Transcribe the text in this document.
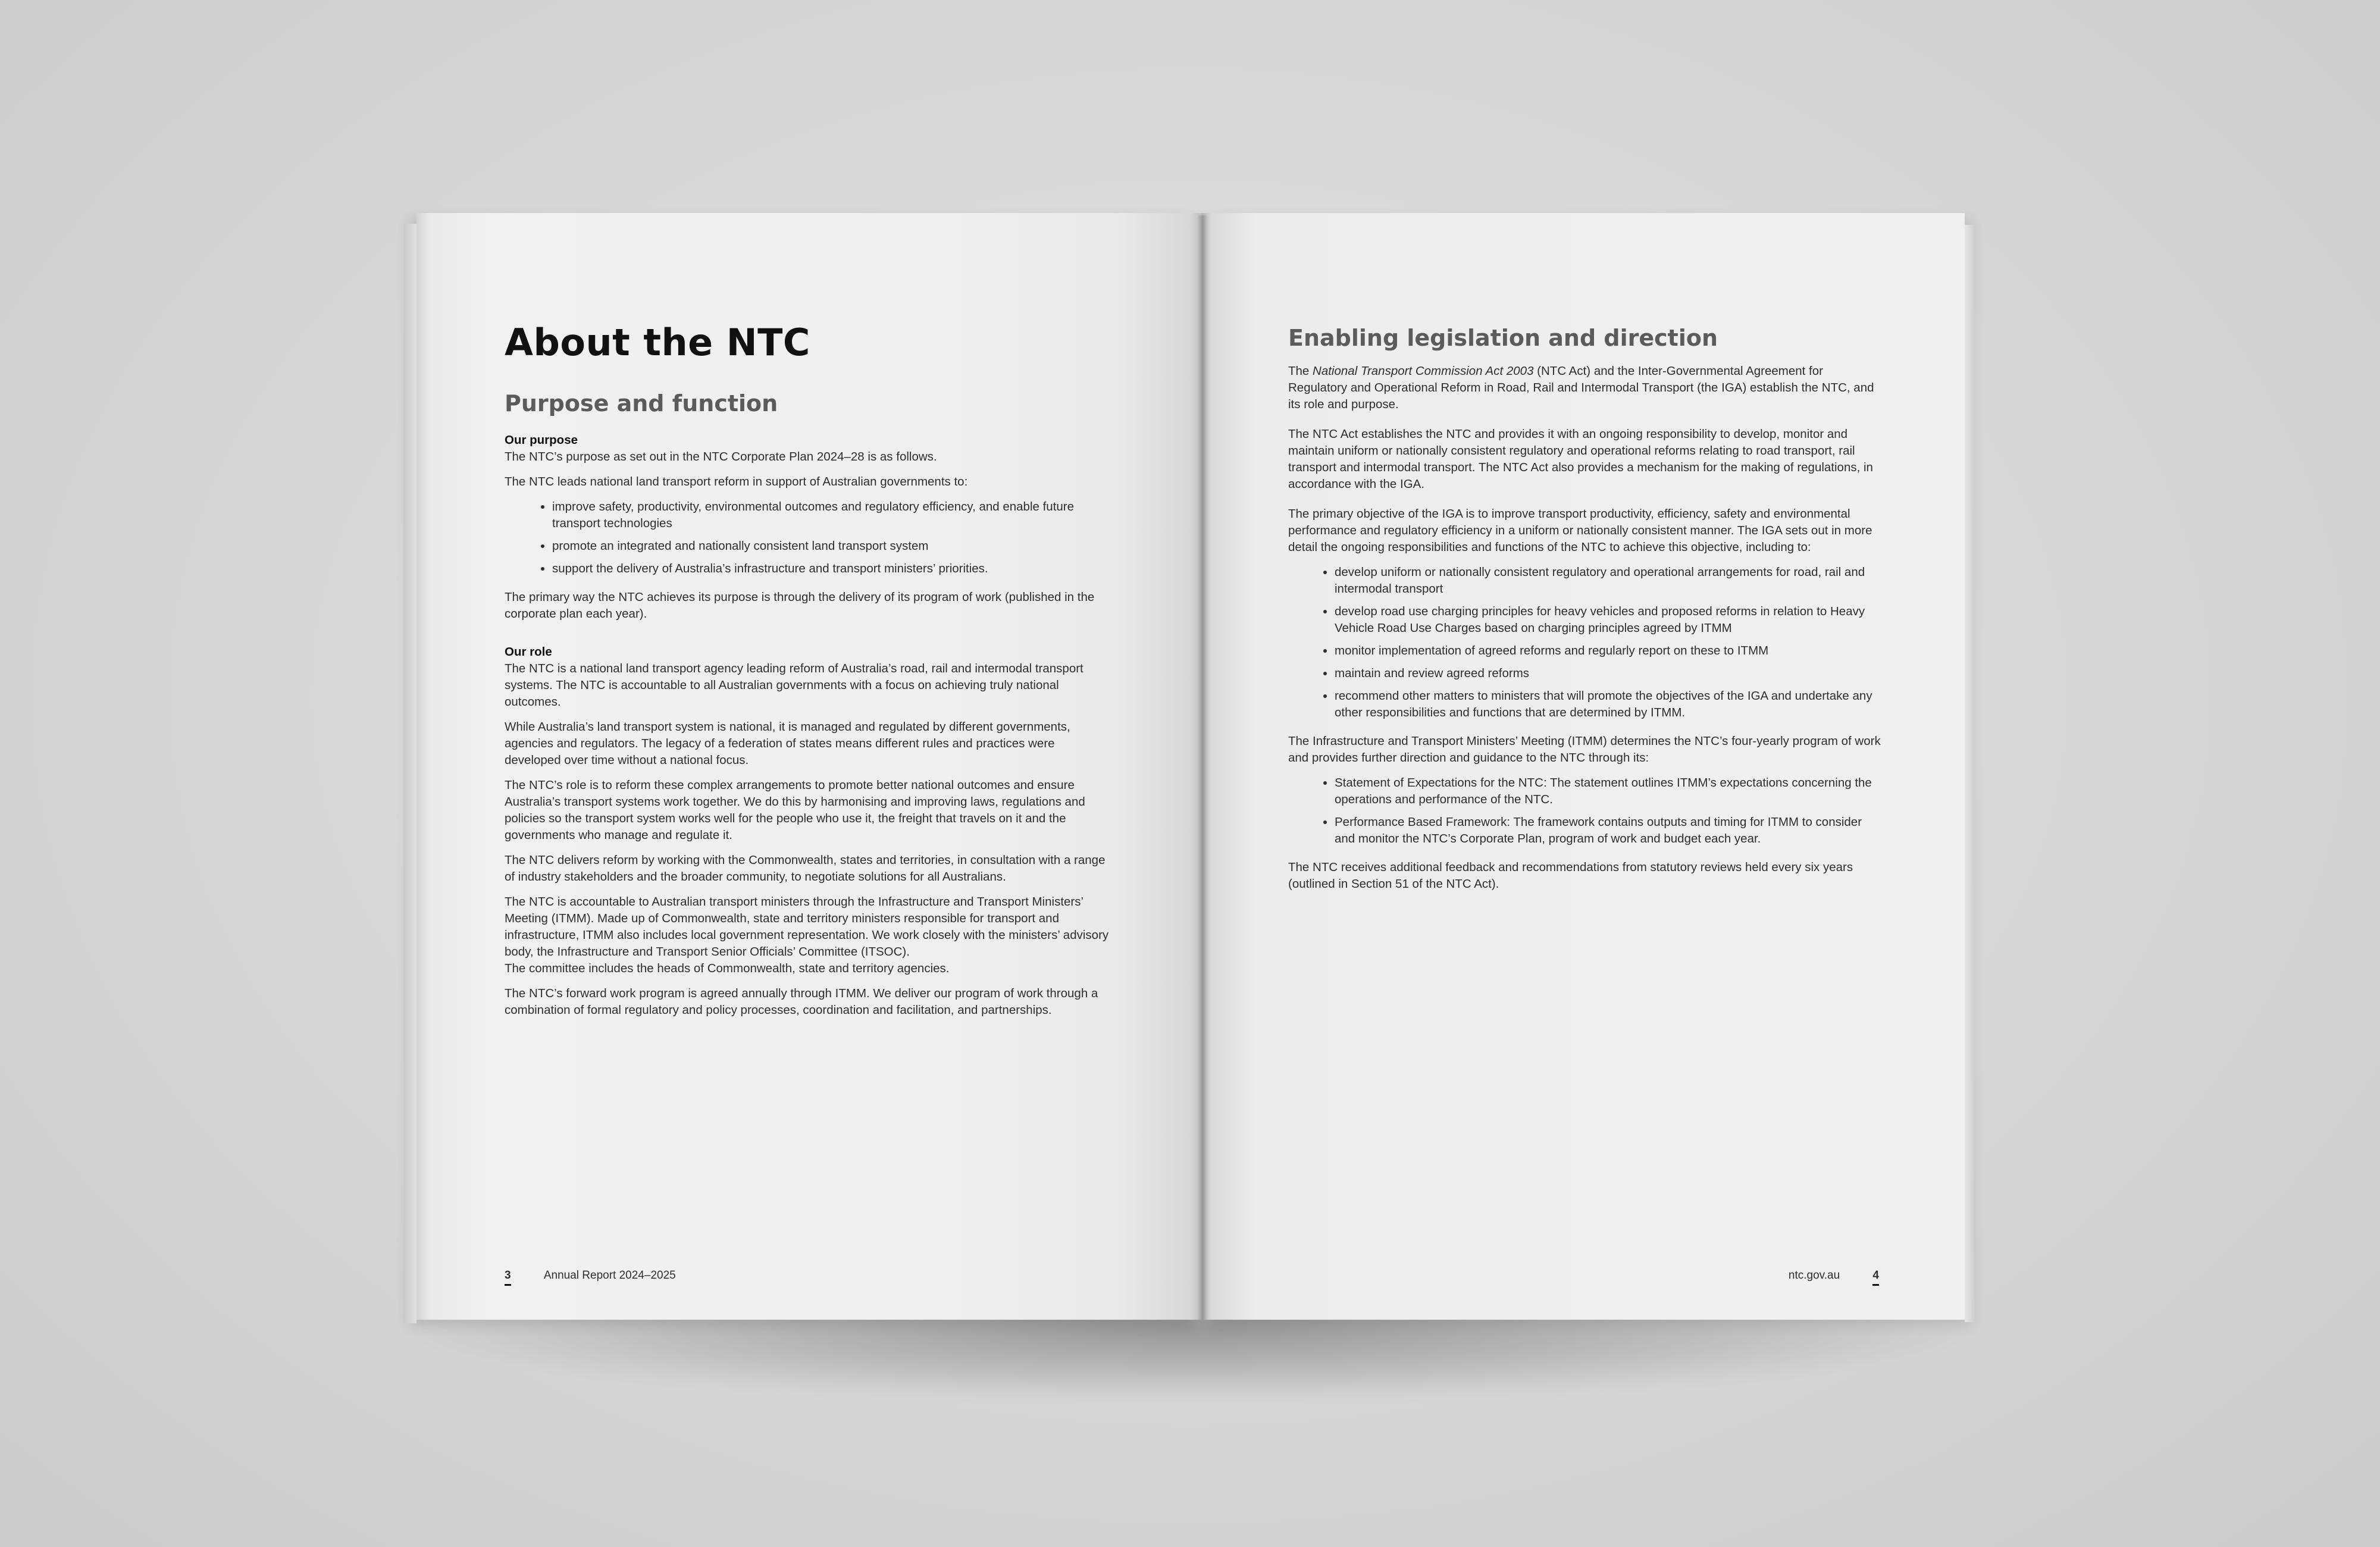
About the NTC
Purpose and function
Our purpose

The NTC’s purpose as set out in the NTC Corporate Plan 2024–28 is as follows.

The NTC leads national land transport reform in support of Australian governments to:

• improve safety, productivity, environmental outcomes and regulatory efficiency, and enable future transport technologies
• promote an integrated and nationally consistent land transport system
• support the delivery of Australia’s infrastructure and transport ministers’ priorities.

The primary way the NTC achieves its purpose is through the delivery of its program of work (published in the corporate plan each year).

Our role

The NTC is a national land transport agency leading reform of Australia’s road, rail and intermodal transport systems. The NTC is accountable to all Australian governments with a focus on achieving truly national outcomes.

While Australia’s land transport system is national, it is managed and regulated by different governments, agencies and regulators. The legacy of a federation of states means different rules and practices were developed over time without a national focus.

The NTC’s role is to reform these complex arrangements to promote better national outcomes and ensure Australia’s transport systems work together. We do this by harmonising and improving laws, regulations and policies so the transport system works well for the people who use it, the freight that travels on it and the governments who manage and regulate it.

The NTC delivers reform by working with the Commonwealth, states and territories, in consultation with a range of industry stakeholders and the broader community, to negotiate solutions for all Australians.

The NTC is accountable to Australian transport ministers through the Infrastructure and Transport Ministers’ Meeting (ITMM). Made up of Commonwealth, state and territory ministers responsible for transport and infrastructure, ITMM also includes local government representation. We work closely with the ministers’ advisory body, the Infrastructure and Transport Senior Officials’ Committee (ITSOC).

The committee includes the heads of Commonwealth, state and territory agencies.

The NTC’s forward work program is agreed annually through ITMM. We deliver our program of work through a combination of formal regulatory and policy processes, coordination and facilitation, and partnerships.

3	Annual Report 2024–2025
Enabling legislation and direction

The National Transport Commission Act 2003 (NTC Act) and the Inter-Governmental Agreement for Regulatory and Operational Reform in Road, Rail and Intermodal Transport (the IGA) establish the NTC, and its role and purpose.

The NTC Act establishes the NTC and provides it with an ongoing responsibility to develop, monitor and maintain uniform or nationally consistent regulatory and operational reforms relating to road transport, rail transport and intermodal transport. The NTC Act also provides a mechanism for the making of regulations, in accordance with the IGA.

The primary objective of the IGA is to improve transport productivity, efficiency, safety and environmental performance and regulatory efficiency in a uniform or nationally consistent manner. The IGA sets out in more detail the ongoing responsibilities and functions of the NTC to achieve this objective, including to:

• develop uniform or nationally consistent regulatory and operational arrangements for road, rail and intermodal transport
• develop road use charging principles for heavy vehicles and proposed reforms in relation to Heavy Vehicle Road Use Charges based on charging principles agreed by ITMM
• monitor implementation of agreed reforms and regularly report on these to ITMM
• maintain and review agreed reforms
• recommend other matters to ministers that will promote the objectives of the IGA and undertake any other responsibilities and functions that are determined by ITMM.

The Infrastructure and Transport Ministers’ Meeting (ITMM) determines the NTC’s four-yearly program of work and provides further direction and guidance to the NTC through its:

• Statement of Expectations for the NTC: The statement outlines ITMM’s expectations concerning the operations and performance of the NTC.
• Performance Based Framework: The framework contains outputs and timing for ITMM to consider and monitor the NTC’s Corporate Plan, program of work and budget each year.

The NTC receives additional feedback and recommendations from statutory reviews held every six years (outlined in Section 51 of the NTC Act).

ntc.gov.au	4
